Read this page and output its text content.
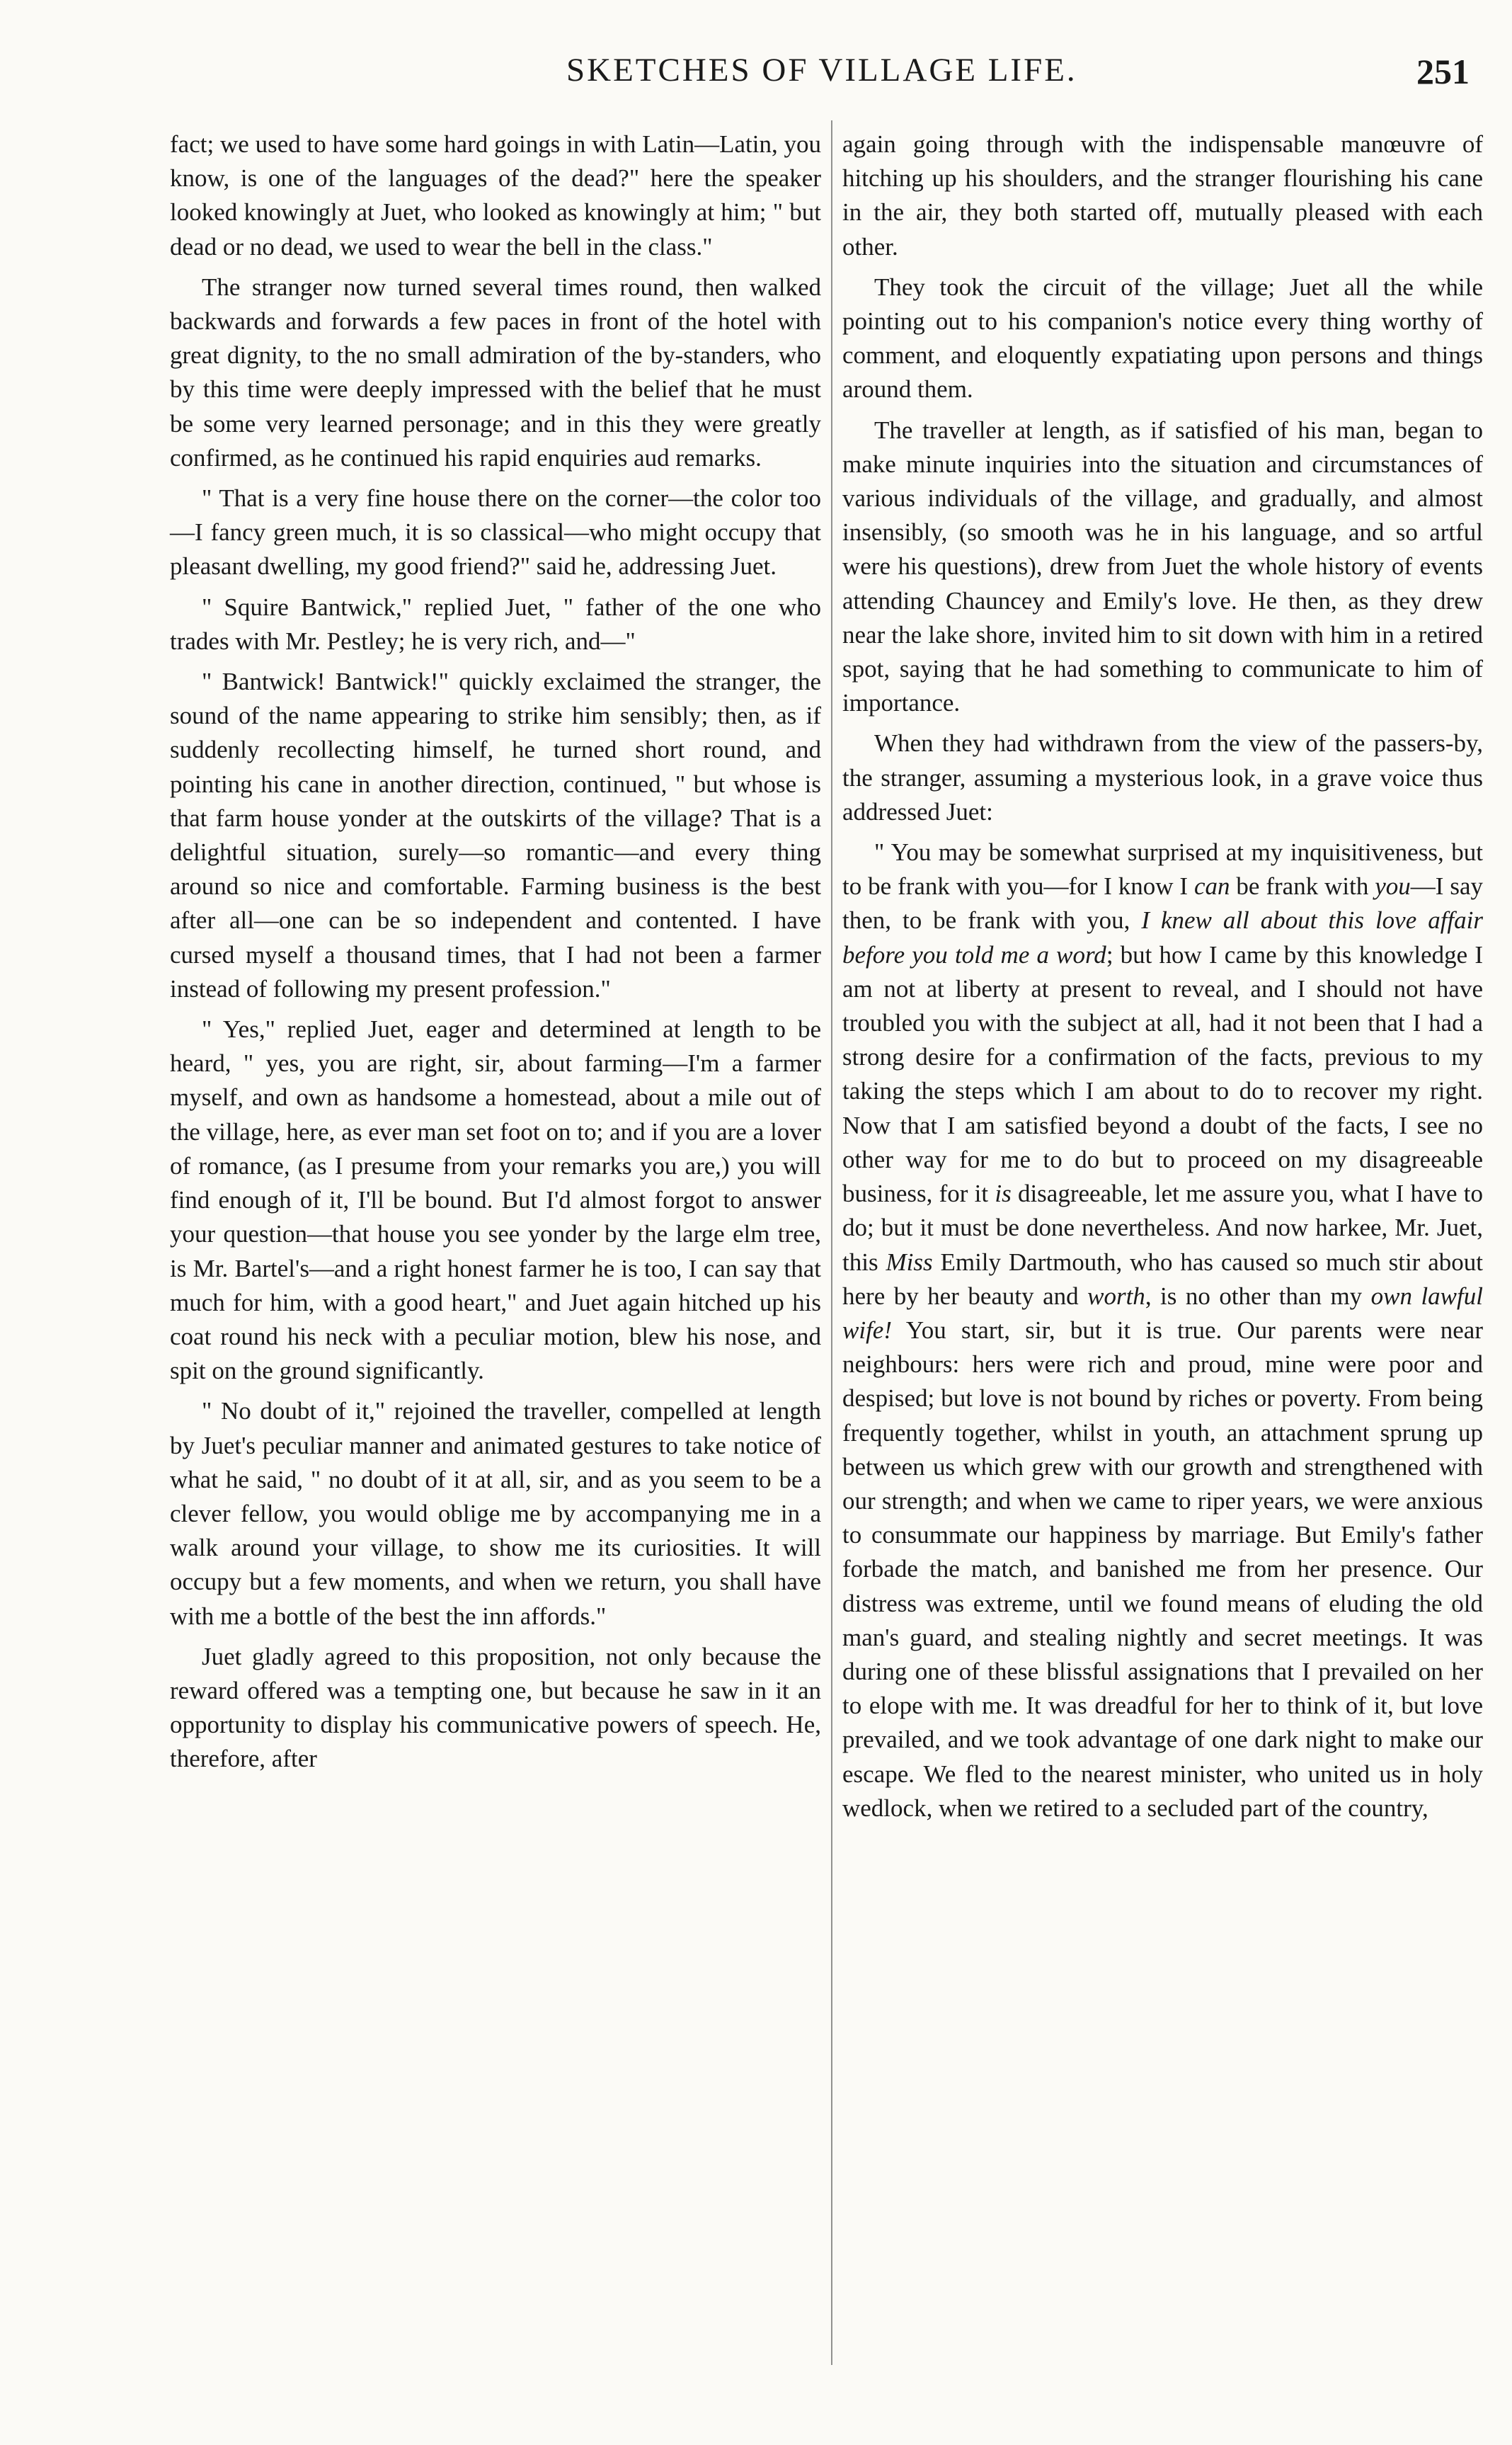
SKETCHES OF VILLAGE LIFE.	251

fact; we used to have some hard goings in with Latin—Latin, you know, is one of the languages of the dead?" here the speaker looked knowingly at Juet, who looked as knowingly at him; " but dead or no dead, we used to wear the bell in the class."

The stranger now turned several times round, then walked backwards and forwards a few paces in front of the hotel with great dignity, to the no small admiration of the by-standers, who by this time were deeply impressed with the belief that he must be some very learned personage; and in this they were greatly confirmed, as he continued his rapid enquiries aud remarks.

" That is a very fine house there on the corner—the color too—I fancy green much, it is so classical—who might occupy that pleasant dwelling, my good friend?" said he, addressing Juet.

" Squire Bantwick," replied Juet, " father of the one who trades with Mr. Pestley; he is very rich, and—"

" Bantwick! Bantwick!" quickly exclaimed the stranger, the sound of the name appearing to strike him sensibly; then, as if suddenly recollecting himself, he turned short round, and pointing his cane in another direction, continued, " but whose is that farm house yonder at the outskirts of the village? That is a delightful situation, surely—so romantic—and every thing around so nice and comfortable. Farming business is the best after all—one can be so independent and contented. I have cursed myself a thousand times, that I had not been a farmer instead of following my present profession."

" Yes," replied Juet, eager and determined at length to be heard, " yes, you are right, sir, about farming—I'm a farmer myself, and own as handsome a homestead, about a mile out of the village, here, as ever man set foot on to; and if you are a lover of romance, (as I presume from your remarks you are,) you will find enough of it, I'll be bound. But I'd almost forgot to answer your question—that house you see yonder by the large elm tree, is Mr. Bartel's—and a right honest farmer he is too, I can say that much for him, with a good heart," and Juet again hitched up his coat round his neck with a peculiar motion, blew his nose, and spit on the ground significantly.

" No doubt of it," rejoined the traveller, compelled at length by Juet's peculiar manner and animated gestures to take notice of what he said, " no doubt of it at all, sir, and as you seem to be a clever fellow, you would oblige me by accompanying me in a walk around your village, to show me its curiosities. It will occupy but a few moments, and when we return, you shall have with me a bottle of the best the inn affords."

Juet gladly agreed to this proposition, not only because the reward offered was a tempting one, but because he saw in it an opportunity to display his communicative powers of speech. He, therefore, after

again going through with the indispensable manœuvre of hitching up his shoulders, and the stranger flourishing his cane in the air, they both started off, mutually pleased with each other.

They took the circuit of the village; Juet all the while pointing out to his companion's notice every thing worthy of comment, and eloquently expatiating upon persons and things around them.

The traveller at length, as if satisfied of his man, began to make minute inquiries into the situation and circumstances of various individuals of the village, and gradually, and almost insensibly, (so smooth was he in his language, and so artful were his questions), drew from Juet the whole history of events attending Chauncey and Emily's love. He then, as they drew near the lake shore, invited him to sit down with him in a retired spot, saying that he had something to communicate to him of importance.

When they had withdrawn from the view of the passers-by, the stranger, assuming a mysterious look, in a grave voice thus addressed Juet:

" You may be somewhat surprised at my inquisitiveness, but to be frank with you—for I know I can be frank with you—I say then, to be frank with you, I knew all about this love affair before you told me a word; but how I came by this knowledge I am not at liberty at present to reveal, and I should not have troubled you with the subject at all, had it not been that I had a strong desire for a confirmation of the facts, previous to my taking the steps which I am about to do to recover my right. Now that I am satisfied beyond a doubt of the facts, I see no other way for me to do but to proceed on my disagreeable business, for it is disagreeable, let me assure you, what I have to do; but it must be done nevertheless. And now harkee, Mr. Juet, this Miss Emily Dartmouth, who has caused so much stir about here by her beauty and worth, is no other than my own lawful wife! You start, sir, but it is true. Our parents were near neighbours: hers were rich and proud, mine were poor and despised; but love is not bound by riches or poverty. From being frequently together, whilst in youth, an attachment sprung up between us which grew with our growth and strengthened with our strength; and when we came to riper years, we were anxious to consummate our happiness by marriage. But Emily's father forbade the match, and banished me from her presence. Our distress was extreme, until we found means of eluding the old man's guard, and stealing nightly and secret meetings. It was during one of these blissful assignations that I prevailed on her to elope with me. It was dreadful for her to think of it, but love prevailed, and we took advantage of one dark night to make our escape. We fled to the nearest minister, who united us in holy wedlock, when we retired to a secluded part of the country,
